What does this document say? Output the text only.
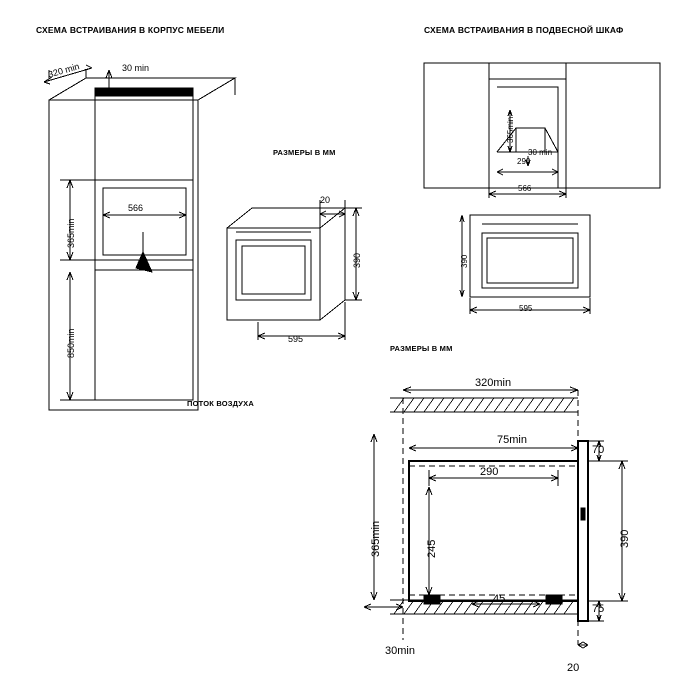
СХЕМА ВСТРАИВАНИЯ В КОРПУС МЕБЕЛИ	СХЕМА ВСТРАИВАНИЯ В ПОДВЕСНОЙ ШКАФ
РАЗМЕРЫ В ММ
РАЗМЕРЫ В ММ
ПОТОК ВОЗДУХА
320 min	30 min
566
365min
850min
20
390
595
365min
30 min
290
566
390
595
320min
75min
290
365min	245
390
70
75
45
30min
20
